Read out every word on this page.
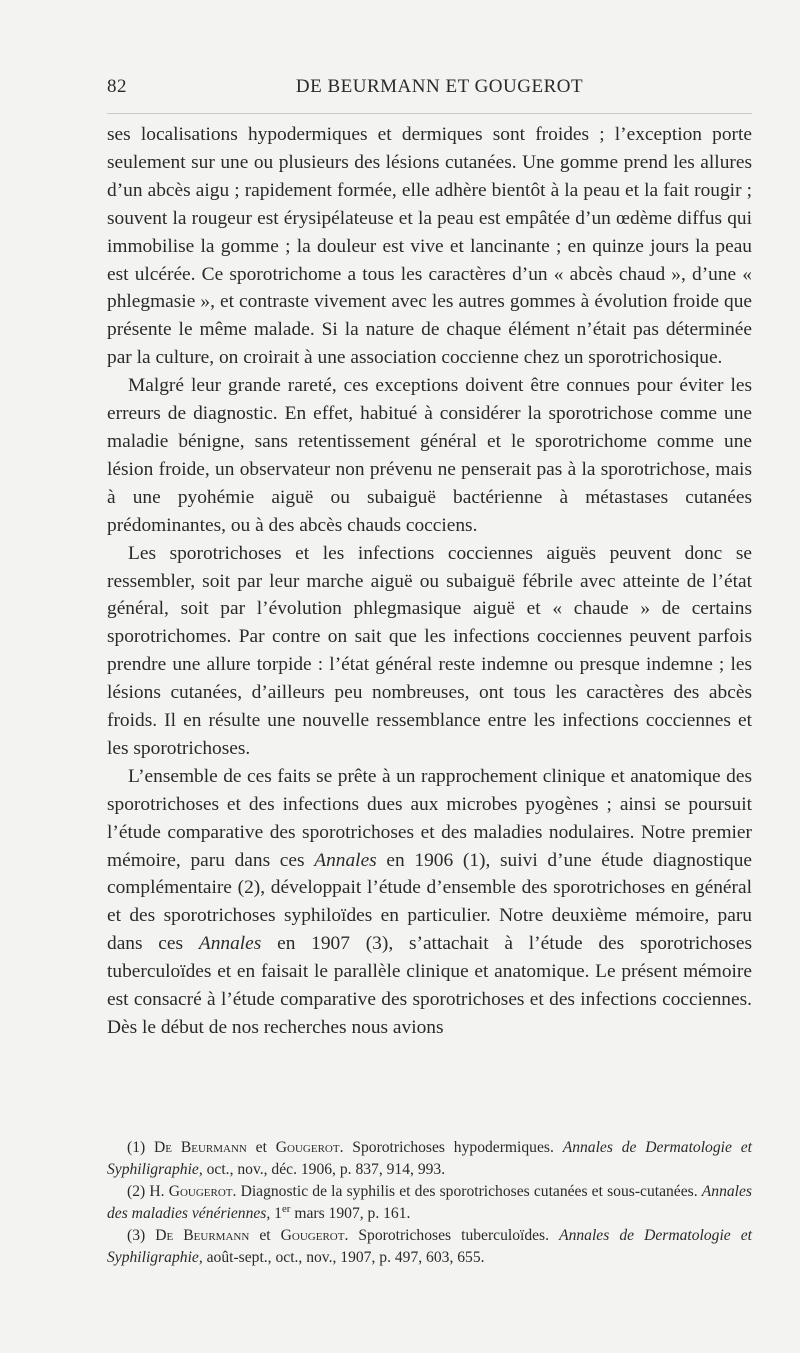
82	DE BEURMANN ET GOUGEROT

ses localisations hypodermiques et dermiques sont froides ; l’exception porte seulement sur une ou plusieurs des lésions cutanées. Une gomme prend les allures d’un abcès aigu ; rapidement formée, elle adhère bientôt à la peau et la fait rougir ; souvent la rougeur est érysipélateuse et la peau est empâtée d’un œdème diffus qui immobilise la gomme ; la douleur est vive et lancinante ; en quinze jours la peau est ulcérée. Ce sporotrichome a tous les caractères d’un « abcès chaud », d’une « phlegmasie », et contraste vivement avec les autres gommes à évolution froide que présente le même malade. Si la nature de chaque élément n’était pas déterminée par la culture, on croirait à une association coccienne chez un sporotrichosique.

Malgré leur grande rareté, ces exceptions doivent être connues pour éviter les erreurs de diagnostic. En effet, habitué à considérer la sporotrichose comme une maladie bénigne, sans retentissement général et le sporotrichome comme une lésion froide, un observateur non prévenu ne penserait pas à la sporotrichose, mais à une pyohémie aiguë ou subaiguë bactérienne à métastases cutanées prédominantes, ou à des abcès chauds cocciens.

Les sporotrichoses et les infections cocciennes aiguës peuvent donc se ressembler, soit par leur marche aiguë ou subaiguë fébrile avec atteinte de l’état général, soit par l’évolution phlegmasique aiguë et « chaude » de certains sporotrichomes. Par contre on sait que les infections cocciennes peuvent parfois prendre une allure torpide : l’état général reste indemne ou presque indemne ; les lésions cutanées, d’ailleurs peu nombreuses, ont tous les caractères des abcès froids. Il en résulte une nouvelle ressemblance entre les infections cocciennes et les sporotrichoses.

L’ensemble de ces faits se prête à un rapprochement clinique et anatomique des sporotrichoses et des infections dues aux microbes pyogènes ; ainsi se poursuit l’étude comparative des sporotrichoses et des maladies nodulaires. Notre premier mémoire, paru dans ces Annales en 1906 (1), suivi d’une étude diagnostique complémentaire (2), développait l’étude d’ensemble des sporotrichoses en général et des sporotrichoses syphiloïdes en particulier. Notre deuxième mémoire, paru dans ces Annales en 1907 (3), s’attachait à l’étude des sporotrichoses tuberculoïdes et en faisait le parallèle clinique et anatomique. Le présent mémoire est consacré à l’étude comparative des sporotrichoses et des infections cocciennes. Dès le début de nos recherches nous avions

(1) De Beurmann et Gougerot. Sporotrichoses hypodermiques. Annales de Dermatologie et Syphiligraphie, oct., nov., déc. 1906, p. 837, 914, 993.

(2) H. Gougerot. Diagnostic de la syphilis et des sporotrichoses cutanées et sous-cutanées. Annales des maladies vénériennes, 1er mars 1907, p. 161.

(3) De Beurmann et Gougerot. Sporotrichoses tuberculoïdes. Annales de Dermatologie et Syphiligraphie, août-sept., oct., nov., 1907, p. 497, 603, 655.
